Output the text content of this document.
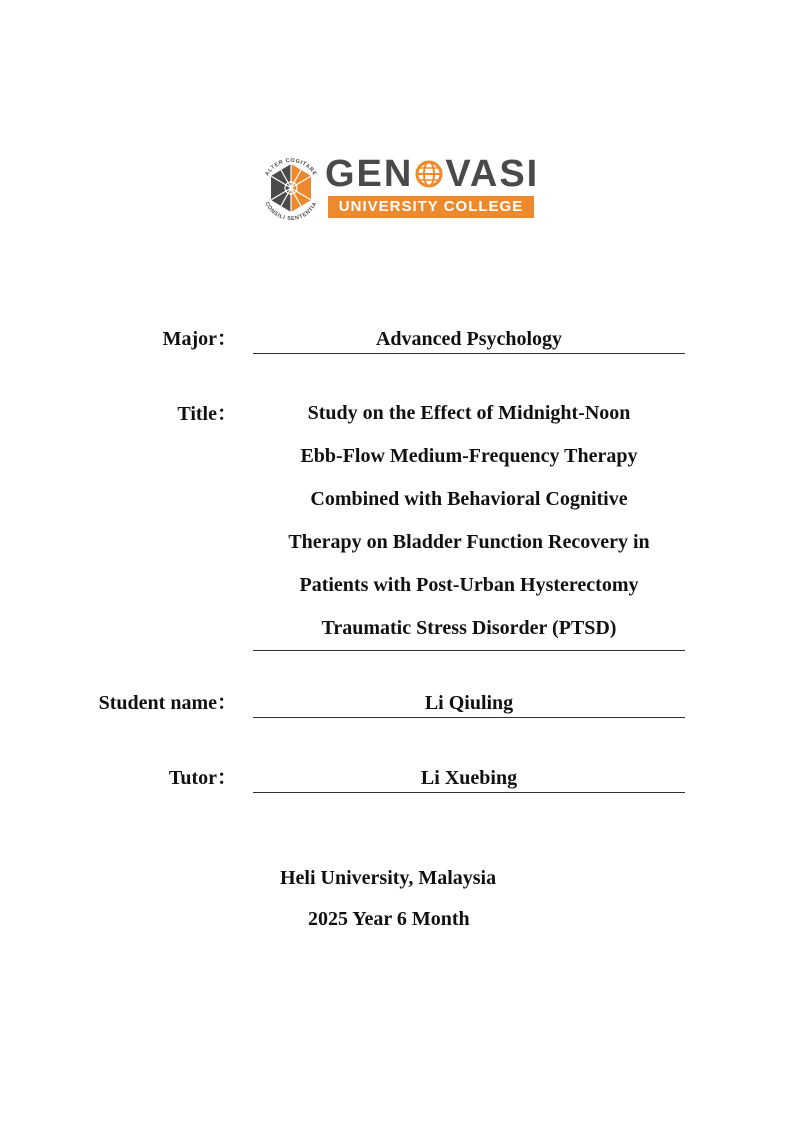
ALTER COGITARE
CONSILI SENTENTIA
GEN VASI
UNIVERSITY COLLEGE
Major：	Advanced Psychology
Title：	Study on the Effect of Midnight-Noon
Ebb-Flow Medium-Frequency Therapy
Combined with Behavioral Cognitive
Therapy on Bladder Function Recovery in
Patients with Post-Urban Hysterectomy
Traumatic Stress Disorder (PTSD)
Student name：	Li Qiuling
Tutor：	Li Xuebing
Heli University, Malaysia
2025 Year 6 Month
